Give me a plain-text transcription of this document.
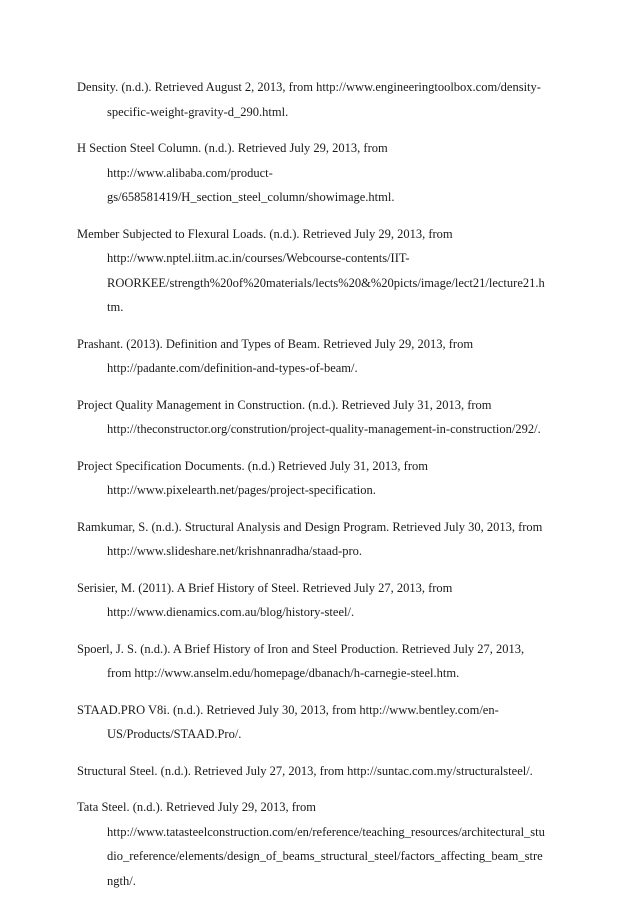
Density. (n.d.). Retrieved August 2, 2013, from http://www.engineeringtoolbox.com/density-
specific-weight-gravity-d_290.html.
H Section Steel Column. (n.d.). Retrieved July 29, 2013, from
http://www.alibaba.com/product-
gs/658581419/H_section_steel_column/showimage.html.
Member Subjected to Flexural Loads. (n.d.). Retrieved July 29, 2013, from
http://www.nptel.iitm.ac.in/courses/Webcourse-contents/IIT-
ROORKEE/strength%20of%20materials/lects%20&%20picts/image/lect21/lecture21.h
tm.
Prashant. (2013). Definition and Types of Beam. Retrieved July 29, 2013, from
http://padante.com/definition-and-types-of-beam/.
Project Quality Management in Construction. (n.d.). Retrieved July 31, 2013, from
http://theconstructor.org/constrution/project-quality-management-in-construction/292/.
Project Specification Documents. (n.d.) Retrieved July 31, 2013, from
http://www.pixelearth.net/pages/project-specification.
Ramkumar, S. (n.d.). Structural Analysis and Design Program. Retrieved July 30, 2013, from
http://www.slideshare.net/krishnanradha/staad-pro.
Serisier, M. (2011). A Brief History of Steel. Retrieved July 27, 2013, from
http://www.dienamics.com.au/blog/history-steel/.
Spoerl, J. S. (n.d.). A Brief History of Iron and Steel Production. Retrieved July 27, 2013,
from http://www.anselm.edu/homepage/dbanach/h-carnegie-steel.htm.
STAAD.PRO V8i. (n.d.). Retrieved July 30, 2013, from http://www.bentley.com/en-
US/Products/STAAD.Pro/.
Structural Steel. (n.d.). Retrieved July 27, 2013, from http://suntac.com.my/structuralsteel/.
Tata Steel. (n.d.). Retrieved July 29, 2013, from
http://www.tatasteelconstruction.com/en/reference/teaching_resources/architectural_stu
dio_reference/elements/design_of_beams_structural_steel/factors_affecting_beam_stre
ngth/.
